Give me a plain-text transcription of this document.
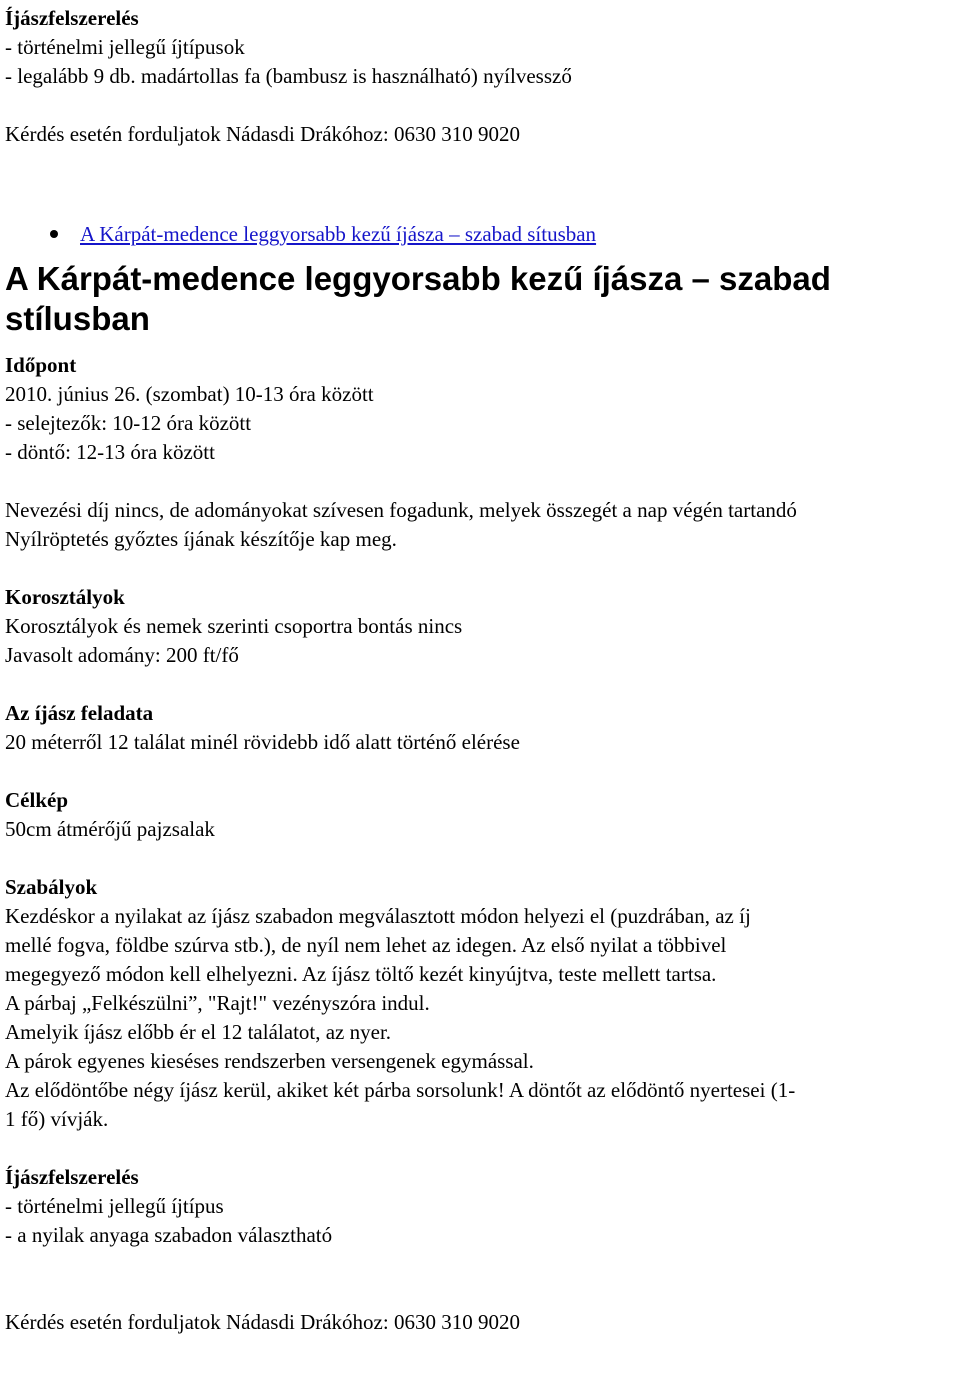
Íjászfelszerelés
- történelmi jellegű íjtípusok
- legalább 9 db. madártollas fa (bambusz is használható) nyílvessző
Kérdés esetén forduljatok Nádasdi Drákóhoz: 0630 310 9020
A Kárpát-medence leggyorsabb kezű íjásza – szabad sítusban
A Kárpát-medence leggyorsabb kezű íjásza – szabad stílusban
Időpont
2010. június 26. (szombat) 10-13 óra között
- selejtezők: 10-12 óra között
- döntő: 12-13 óra között
Nevezési díj nincs, de adományokat szívesen fogadunk, melyek összegét a nap végén tartandó
Nyílröptetés győztes íjának készítője kap meg.
Korosztályok
Korosztályok és nemek szerinti csoportra bontás nincs
Javasolt adomány: 200 ft/fő
Az íjász feladata
20 méterről 12 találat minél rövidebb idő alatt történő elérése
Célkép
50cm átmérőjű pajzsalak
Szabályok
Kezdéskor a nyilakat az íjász szabadon megválasztott módon helyezi el (puzdrában, az íj
mellé fogva, földbe szúrva stb.), de nyíl nem lehet az idegen. Az első nyilat a többivel
megegyező módon kell elhelyezni. Az íjász töltő kezét kinyújtva, teste mellett tartsa.
A párbaj „Felkészülni”, "Rajt!" vezényszóra indul.
Amelyik íjász előbb ér el 12 találatot, az nyer.
A párok egyenes kieséses rendszerben versengenek egymással.
Az elődöntőbe négy íjász kerül, akiket két párba sorsolunk! A döntőt az elődöntő nyertesei (1-
1 fő) vívják.
Íjászfelszerelés
- történelmi jellegű íjtípus
- a nyilak anyaga szabadon választható
Kérdés esetén forduljatok Nádasdi Drákóhoz: 0630 310 9020
